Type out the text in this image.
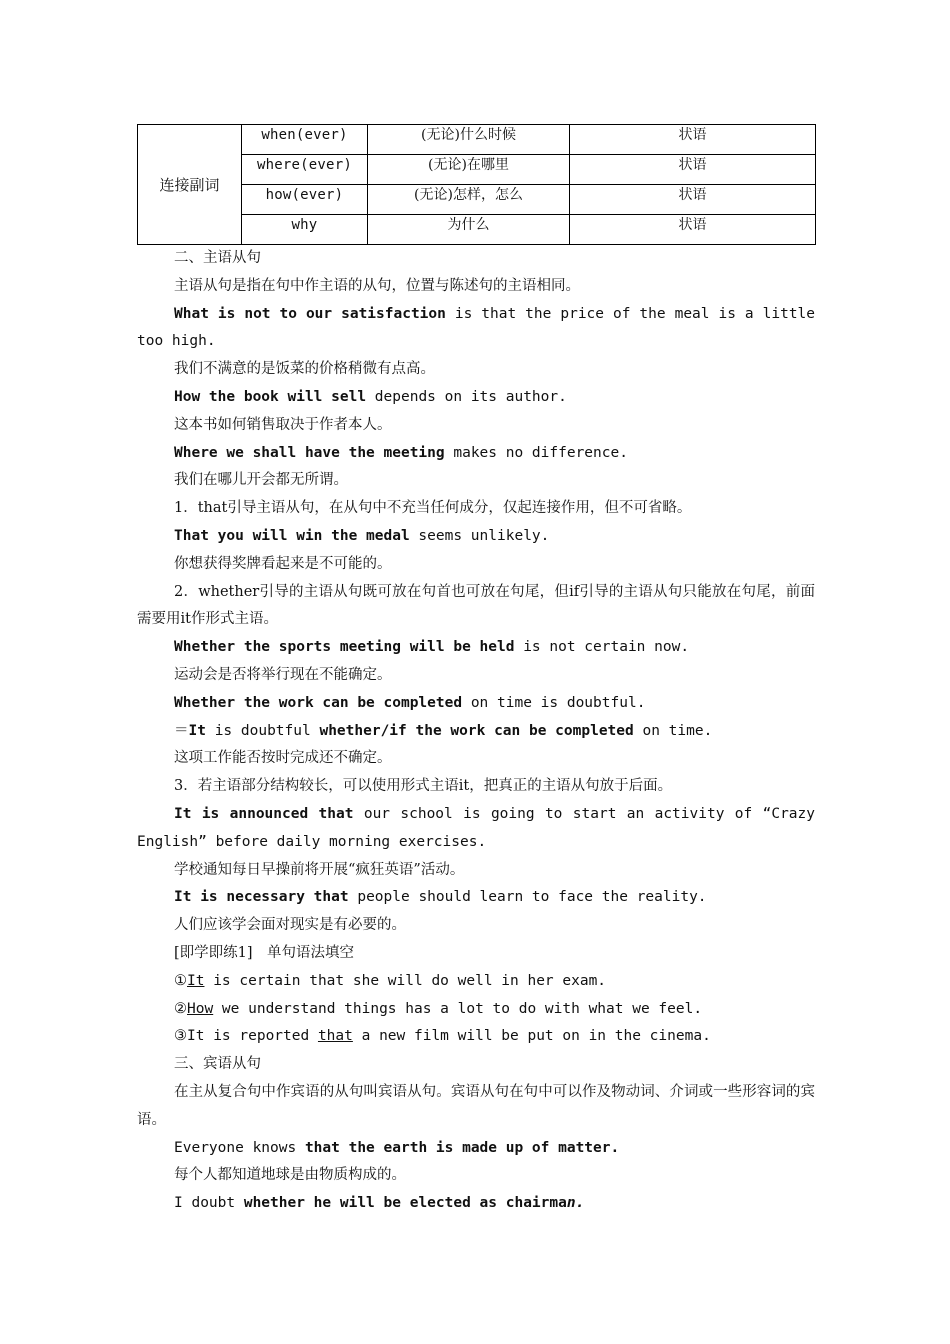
连接副词	when(ever)	(无论)什么时候	状语
	where(ever)	(无论)在哪里	状语
	how(ever)	(无论)怎样，怎么	状语
	why	为什么	状语
二、主语从句
主语从句是指在句中作主语的从句，位置与陈述句的主语相同。
What is not to our satisfaction is that the price of the meal is a little too high.
我们不满意的是饭菜的价格稍微有点高。
How the book will sell depends on its author.
这本书如何销售取决于作者本人。
Where we shall have the meeting makes no difference.
我们在哪儿开会都无所谓。
1．that引导主语从句，在从句中不充当任何成分，仅起连接作用，但不可省略。
That you will win the medal seems unlikely.
你想获得奖牌看起来是不可能的。
2．whether引导的主语从句既可放在句首也可放在句尾，但if引导的主语从句只能放在句尾，前面需要用it作形式主语。
Whether the sports meeting will be held is not certain now.
运动会是否将举行现在不能确定。
Whether the work can be completed on time is doubtful.
＝It is doubtful whether/if the work can be completed on time.
这项工作能否按时完成还不确定。
3．若主语部分结构较长，可以使用形式主语it，把真正的主语从句放于后面。
It is announced that our school is going to start an activity of “Crazy English” before daily morning exercises.
学校通知每日早操前将开展“疯狂英语”活动。
It is necessary that people should learn to face the reality.
人们应该学会面对现实是有必要的。
[即学即练1]　单句语法填空
①It is certain that she will do well in her exam.
②How we understand things has a lot to do with what we feel.
③It is reported that a new film will be put on in the cinema.
三、宾语从句
在主从复合句中作宾语的从句叫宾语从句。宾语从句在句中可以作及物动词、介词或一些形容词的宾语。
Everyone knows that the earth is made up of matter.
每个人都知道地球是由物质构成的。
I doubt whether he will be elected as chairman.
